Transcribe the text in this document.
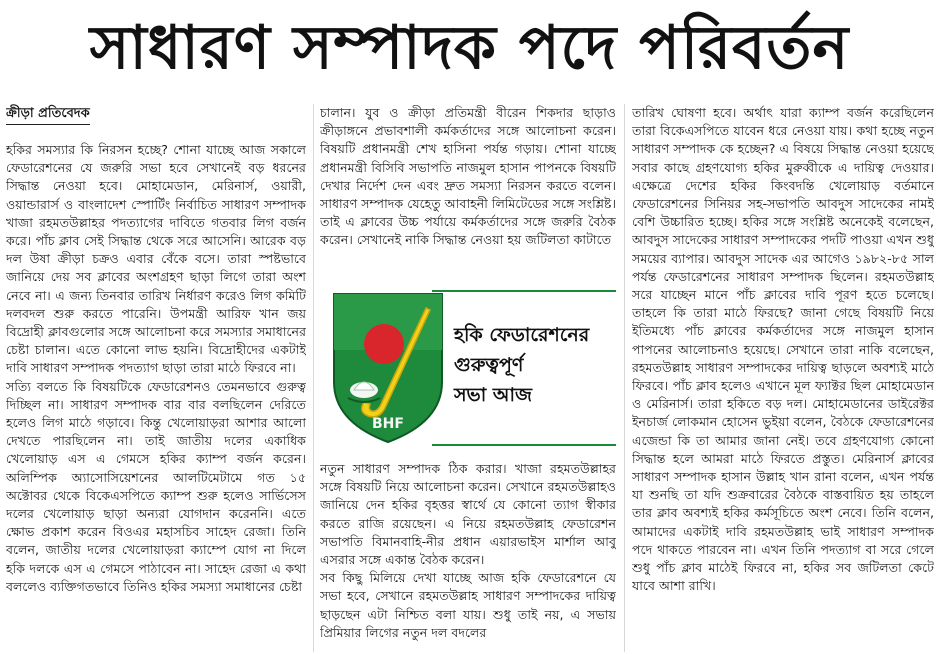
সাধারণ সম্পাদক পদে পরিবর্তন
ক্রীড়া প্রতিবেদক

হকির সমস্যার কি নিরসন হচ্ছে? শোনা যাচ্ছে আজ সকালে ফেডারেশনের যে জরুরি সভা হবে সেখানেই বড় ধরনের সিদ্ধান্ত নেওয়া হবে। মোহামেডান, মেরিনার্স, ওয়ারী, ওয়ান্ডারার্স ও বাংলাদেশ স্পোর্টিং নির্বাচিত সাধারণ সম্পাদক খাজা রহমতউল্লাহর পদত্যাগের দাবিতে গতবার লিগ বর্জন করে। পাঁচ ক্লাব সেই সিদ্ধান্ত থেকে সরে আসেনি। আরেক বড় দল উষা ক্রীড়া চক্রও এবার বেঁকে বসে। তারা স্পষ্টভাবে জানিয়ে দেয় সব ক্লাবের অংশগ্রহণ ছাড়া লিগে তারা অংশ নেবে না। এ জন্য তিনবার তারিখ নির্ধারণ করেও লিগ কমিটি দলবদল শুরু করতে পারেনি। উপমন্ত্রী আরিফ খান জয় বিদ্রোহী ক্লাবগুলোর সঙ্গে আলোচনা করে সমস্যার সমাধানের চেষ্টা চালান। এতে কোনো লাভ হয়নি। বিদ্রোহীদের একটাই দাবি সাধারণ সম্পাদক পদত্যাগ ছাড়া তারা মাঠে ফিরবে না।

সত্যি বলতে কি বিষয়টিকে ফেডারেশনও তেমনভাবে গুরুত্ব দিচ্ছিল না। সাধারণ সম্পাদক বার বার বলছিলেন দেরিতে হলেও লিগ মাঠে গড়াবে। কিন্তু খেলোয়াড়রা আশার আলো দেখতে পারছিলেন না। তাই জাতীয় দলের একাধিক খেলোয়াড় এস এ গেমসে হকির ক্যাম্প বর্জন করেন। অলিম্পিক অ্যাসোসিয়েশনের আলটিমেটামে গত ১৫ অক্টোবর থেকে বিকেএসপিতে ক্যাম্প শুরু হলেও সার্ভিসেস দলের খেলোয়াড় ছাড়া অন্যরা যোগদান করেননি। এতে ক্ষোভ প্রকাশ করেন বিওএর মহাসচিব সাহেদ রেজা। তিনি বলেন, জাতীয় দলের খেলোয়াড়রা ক্যাম্পে যোগ না দিলে হকি দলকে এস এ গেমসে পাঠাবেন না। সাহেদ রেজা এ কথা বললেও ব্যক্তিগতভাবে তিনিও হকির সমস্যা সমাধানের চেষ্টা

চালান। যুব ও ক্রীড়া প্রতিমন্ত্রী বীরেন শিকদার ছাড়াও ক্রীড়াঙ্গনে প্রভাবশালী কর্মকর্তাদের সঙ্গে আলোচনা করেন। বিষয়টি প্রধানমন্ত্রী শেখ হাসিনা পর্যন্ত গড়ায়। শোনা যাচ্ছে প্রধানমন্ত্রী বিসিবি সভাপতি নাজমুল হাসান পাপনকে বিষয়টি দেখার নির্দেশ দেন এবং দ্রুত সমস্যা নিরসন করতে বলেন। সাধারণ সম্পাদক যেহেতু আবাহনী লিমিটেডের সঙ্গে সংশ্লিষ্ট। তাই এ ক্লাবের উচ্চ পর্যায়ে কর্মকর্তাদের সঙ্গে জরুরি বৈঠক করেন। সেখানেই নাকি সিদ্ধান্ত নেওয়া হয় জটিলতা কাটাতে

BHF
হকি ফেডারেশনের
গুরুত্বপূর্ণ
সভা আজ

নতুন সাধারণ সম্পাদক ঠিক করার। খাজা রহমতউল্লাহর সঙ্গে বিষয়টি নিয়ে আলোচনা করেন। সেখানে রহমতউল্লাহও জানিয়ে দেন হকির বৃহত্তর স্বার্থে যে কোনো ত্যাগ স্বীকার করতে রাজি রয়েছেন। এ নিয়ে রহমতউল্লাহ ফেডারেশন সভাপতি বিমানবাহি-নীর প্রধান এয়ারভাইস মার্শাল আবু এসরার সঙ্গে একান্ত বৈঠক করেন।

সব কিছু মিলিয়ে দেখা যাচ্ছে আজ হকি ফেডারেশনে যে সভা হবে, সেখানে রহমতউল্লাহ সাধারণ সম্পাদকের দায়িত্ব ছাড়ছেন এটা নিশ্চিত বলা যায়। শুধু তাই নয়, এ সভায় প্রিমিয়ার লিগের নতুন দল বদলের

তারিখ ঘোষণা হবে। অর্থাৎ যারা ক্যাম্প বর্জন করেছিলেন তারা বিকেএসপিতে যাবেন ধরে নেওয়া যায়। কথা হচ্ছে নতুন সাধারণ সম্পাদক কে হচ্ছেন? এ বিষয়ে সিদ্ধান্ত নেওয়া হয়েছে সবার কাছে গ্রহণযোগ্য হকির মুরুব্বীকে এ দায়িত্ব দেওয়ার। এক্ষেত্রে দেশের হকির কিংবদন্তি খেলোয়াড় বর্তমানে ফেডারেশনের সিনিয়র সহ-সভাপতি আবদুস সাদেকের নামই বেশি উচ্চারিত হচ্ছে। হকির সঙ্গে সংশ্লিষ্ট অনেকেই বলেছেন, আবদুস সাদেকের সাধারণ সম্পাদকের পদটি পাওয়া এখন শুধু সময়ের ব্যাপার। আবদুস সাদেক এর আগেও ১৯৮২-৮৫ সাল পর্যন্ত ফেডারেশনের সাধারণ সম্পাদক ছিলেন। রহমতউল্লাহ সরে যাচ্ছেন মানে পাঁচ ক্লাবের দাবি পূরণ হতে চলেছে। তাহলে কি তারা মাঠে ফিরছে? জানা গেছে বিষয়টি নিয়ে ইতিমধ্যে পাঁচ ক্লাবের কর্মকর্তাদের সঙ্গে নাজমুল হাসান পাপনের আলোচনাও হয়েছে। সেখানে তারা নাকি বলেছেন, রহমতউল্লাহ সাধারণ সম্পাদকের দায়িত্ব ছাড়লে অবশ্যই মাঠে ফিরবে। পাঁচ ক্লাব হলেও এখানে মূল ফ্যাক্টর ছিল মোহামেডান ও মেরিনার্স। তারা হকিতে বড় দল। মোহামেডানের ডাইরেক্টর ইনচার্জ লোকমান হোসেন ভুইয়া বলেন, বৈঠকে ফেডারেশনের এজেন্ডা কি তা আমার জানা নেই। তবে গ্রহণযোগ্য কোনো সিদ্ধান্ত হলে আমরা মাঠে ফিরতে প্রস্তুত। মেরিনার্স ক্লাবের সাধারণ সম্পাদক হাসান উল্লাহ খান রানা বলেন, এখন পর্যন্ত যা শুনছি তা যদি শুক্রবারের বৈঠকে বাস্তবায়িত হয় তাহলে তার ক্লাব অবশ্যই হকির কর্মসূচিতে অংশ নেবে। তিনি বলেন, আমাদের একটাই দাবি রহমতউল্লাহ ভাই সাধারণ সম্পাদক পদে থাকতে পারবেন না। এখন তিনি পদত্যাগ বা সরে গেলে শুধু পাঁচ ক্লাব মাঠেই ফিরবে না, হকির সব জটিলতা কেটে যাবে আশা রাখি।
